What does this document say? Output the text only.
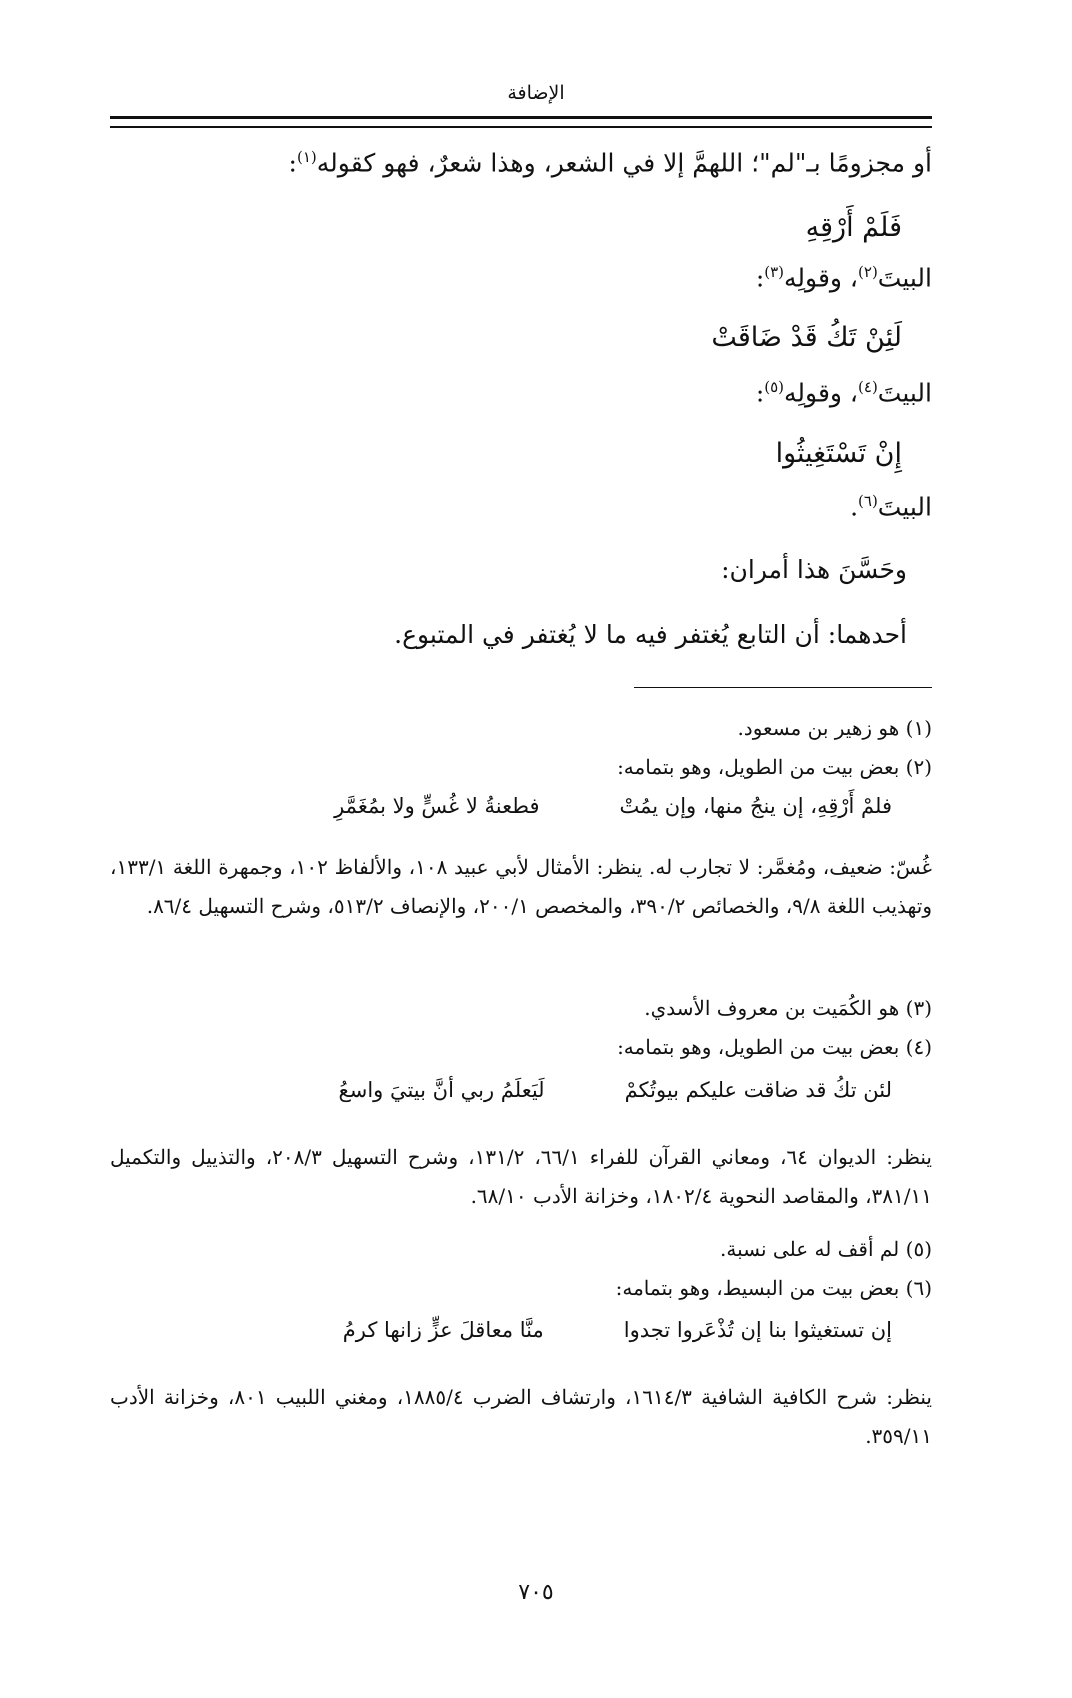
الإضافة
أو مجزومًا بـ"لم"؛ اللهمَّ إلا في الشعر، وهذا شعرٌ، فهو كقوله$^{(١)}$:
فَلَمْ أَرْقِهِ
البيتَ$^{(٢)}$، وقولِه$^{(٣)}$:
لَئِنْ تَكُ قَدْ ضَاقَتْ
البيتَ$^{(٤)}$، وقولِه$^{(٥)}$:
إِنْ تَسْتَغِيثُوا
البيتَ$^{(٦)}$.
وحَسَّنَ هذا أمران:
أحدهما: أن التابع يُغتفر فيه ما لا يُغتفر في المتبوع.
(١) هو زهير بن مسعود.
(٢) بعض بيت من الطويل، وهو بتمامه:
فلمْ أَرْقِهِ، إن ينجُ منها، وإن يمُتْ
فطعنةُ لا غُسٍّ ولا بمُغَمَّرِ

غُسّ: ضعيف، ومُغمَّر: لا تجارب له. ينظر: الأمثال لأبي عبيد ١٠٨، والألفاظ ١٠٢، وجمهرة اللغة ١٣٣/١، وتهذيب اللغة ٩/٨، والخصائص ٣٩٠/٢، والمخصص ٢٠٠/١، والإنصاف ٥١٣/٢، وشرح التسهيل ٨٦/٤.

(٣) هو الكُمَيت بن معروف الأسدي.
(٤) بعض بيت من الطويل، وهو بتمامه:
لئن تكُ قد ضاقت عليكم بيوتُكمْ
لَيَعلَمُ ربي أنَّ بيتيَ واسعُ

ينظر: الديوان ٦٤، ومعاني القرآن للفراء ٦٦/١، ١٣١/٢، وشرح التسهيل ٢٠٨/٣، والتذييل والتكميل ٣٨١/١١، والمقاصد النحوية ١٨٠٢/٤، وخزانة الأدب ٦٨/١٠.

(٥) لم أقف له على نسبة.
(٦) بعض بيت من البسيط، وهو بتمامه:
إن تستغيثوا بنا إن تُذْعَروا تجدوا
منَّا معاقلَ عزٍّ زانها كرمُ

ينظر: شرح الكافية الشافية ١٦١٤/٣، وارتشاف الضرب ١٨٨٥/٤، ومغني اللبيب ٨٠١، وخزانة الأدب ٣٥٩/١١.

٧٠٥
